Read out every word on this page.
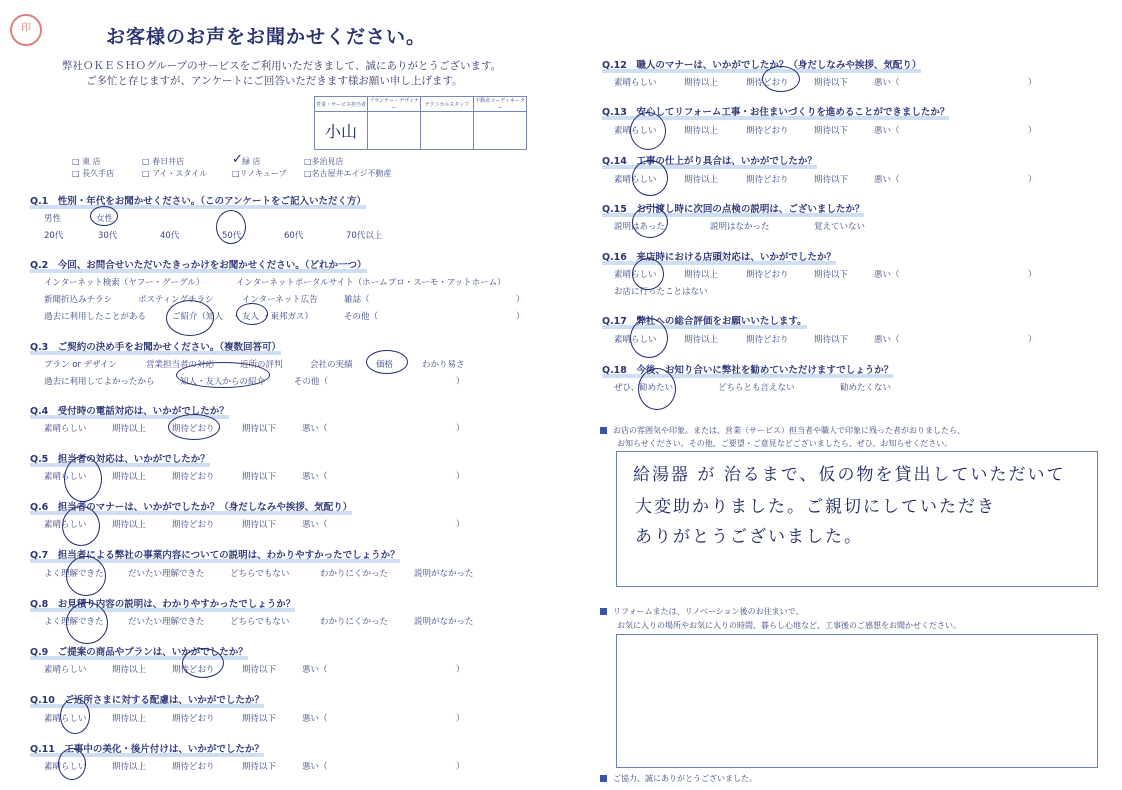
印	お客様のお声をお聞かせください。
弊社ＯＫＥＳＨＯグループのサービスをご利用いただきまして、誠にありがとうございます。
ご多忙と存じますが、アンケートにご回答いただきます様お願い申し上げます。
営業・サービス担当者	プランナー・デザイナー	テクニカルスタッフ	不動産コーディネーター
小山			
□ 東 店	□ 春日井店	✓ 緑 店	□多治見店
□ 長久手店	□ アイ・スタイル	□リノキューブ □名古屋井エイジ不動産
Q.1　性別・年代をお聞かせください。（このアンケートをご記入いただく方）
男性	女性
20代	30代	40代	50代	60代	70代以上
Q.2　今回、お問合せいただいたきっかけをお聞かせください。（どれか一つ）
インターネット検索（ヤフー・グーグル）	インターネットポータルサイト（ホームプロ・スーモ・アットホーム）
新聞折込みチラシ	ポスティングチラシ	インターネット広告	雑誌（	）
過去に利用したことがある	ご紹介（知人 ・ 友人 ・東邦ガス）	その他（	）
Q.3　ご契約の決め手をお聞かせください。（複数回答可）
プラン or デザイン	営業担当者の対応	近所の評判	会社の実績	価格	わかり易さ
過去に利用してよかったから	知人・友人からの紹介	その他（	）
Q.4　受付時の電話対応は、いかがでしたか？
素晴らしい	期待以上	期待どおり	期待以下	悪い（	）
Q.5　担当者の対応は、いかがでしたか？
素晴らしい	期待以上	期待どおり	期待以下	悪い（	）
Q.6　担当者のマナーは、いかがでしたか？（身だしなみや挨拶、気配り）
素晴らしい	期待以上	期待どおり	期待以下	悪い（	）
Q.7　担当者による弊社の事業内容についての説明は、わかりやすかったでしょうか？
よく理解できた	だいたい理解できた	どちらでもない	わかりにくかった	説明がなかった
Q.8　お見積り内容の説明は、わかりやすかったでしょうか？
よく理解できた	だいたい理解できた	どちらでもない	わかりにくかった	説明がなかった
Q.9　ご提案の商品やプランは、いかがでしたか？
素晴らしい	期待以上	期待どおり	期待以下	悪い（	）
Q.10　ご近所さまに対する配慮は、いかがでしたか？
素晴らしい	期待以上	期待どおり	期待以下	悪い（	）
Q.11　工事中の美化・後片付けは、いかがでしたか？
素晴らしい	期待以上	期待どおり	期待以下	悪い（	）
Q.12　職人のマナーは、いかがでしたか？（身だしなみや挨拶、気配り）
素晴らしい	期待以上	期待どおり	期待以下	悪い（	）
Q.13　安心してリフォーム工事・お住まいづくりを進めることができましたか？
素晴らしい	期待以上	期待どおり	期待以下	悪い（	）
Q.14　工事の仕上がり具合は、いかがでしたか？
素晴らしい	期待以上	期待どおり	期待以下	悪い（	）
Q.15　お引渡し時に次回の点検の説明は、ございましたか？
説明はあった	説明はなかった	覚えていない
Q.16　来店時における店頭対応は、いかがでしたか？
素晴らしい	期待以上	期待どおり	期待以下	悪い（	）
お店に行ったことはない
Q.17　弊社への総合評価をお願いいたします。
素晴らしい	期待以上	期待どおり	期待以下	悪い（	）
Q.18　今後、お知り合いに弊社を勧めていただけますでしょうか？
ぜひ、勧めたい	どちらとも言えない	勧めたくない
お店の雰囲気や印象。または、営業（サービス）担当者や職人で印象に残った者がおりましたら、
お知らせください。その他、ご要望・ご意見などございましたら、ぜひ、お知らせください。
給湯器 が 治るまで、仮の物を貸出していただいて
大変助かりました。ご親切にしていただき
ありがとうございました。
リフォームまたは、リノベーション後のお住まいで、
お気に入りの場所やお気に入りの時間、暮らし心地など、工事後のご感想をお聞かせください。
ご協力、誠にありがとうございました。
